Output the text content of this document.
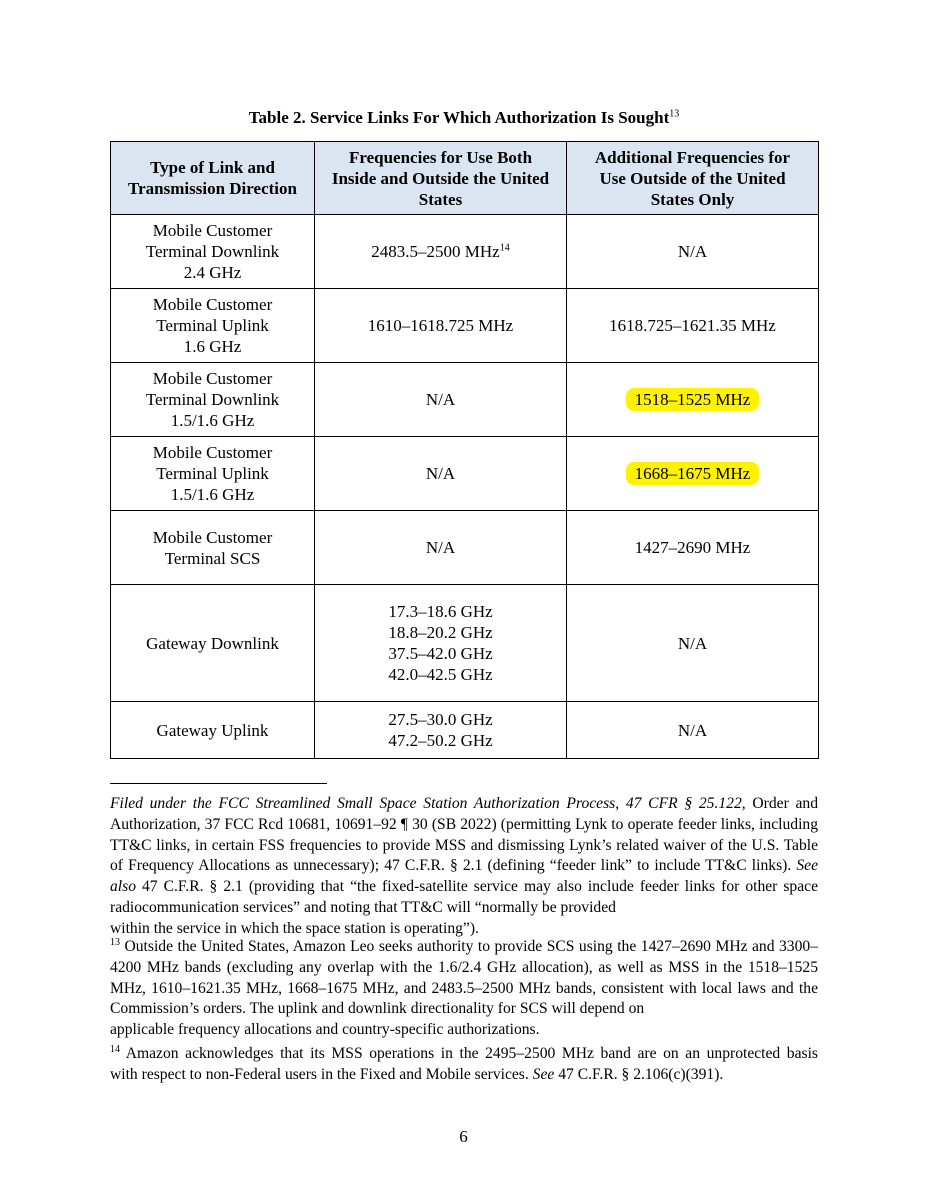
Table 2. Service Links For Which Authorization Is Sought$^{13}$
Type of Link and
Transmission Direction	Frequencies for Use Both
Inside and Outside the United
States	Additional Frequencies for
Use Outside of the United
States Only
Mobile Customer
Terminal Downlink
2.4 GHz	2483.5–2500 MHz$^{14}$	N/A
Mobile Customer
Terminal Uplink
1.6 GHz	1610–1618.725 MHz	1618.725–1621.35 MHz
Mobile Customer
Terminal Downlink
1.5/1.6 GHz	N/A	1518–1525 MHz
Mobile Customer
Terminal Uplink
1.5/1.6 GHz	N/A	1668–1675 MHz
Mobile Customer
Terminal SCS	N/A	1427–2690 MHz
Gateway Downlink	17.3–18.6 GHz
18.8–20.2 GHz
37.5–42.0 GHz
42.0–42.5 GHz	N/A
Gateway Uplink	27.5–30.0 GHz
47.2–50.2 GHz	N/A

Filed under the FCC Streamlined Small Space Station Authorization Process, 47 CFR § 25.122, Order and Authorization, 37 FCC Rcd 10681, 10691–92 ¶ 30 (SB 2022) (permitting Lynk to operate feeder links, including TT&C links, in certain FSS frequencies to provide MSS and dismissing Lynk’s related waiver of the U.S. Table of Frequency Allocations as unnecessary); 47 C.F.R. § 2.1 (defining “feeder link” to include TT&C links). See also 47 C.F.R. § 2.1 (providing that “the fixed-satellite service may also include feeder links for other space radiocommunication services” and noting that TT&C will “normally be provided
within the service in which the space station is operating”).

$^{13}$ Outside the United States, Amazon Leo seeks authority to provide SCS using the 1427–2690 MHz and 3300–4200 MHz bands (excluding any overlap with the 1.6/2.4 GHz allocation), as well as MSS in the 1518–1525 MHz, 1610–1621.35 MHz, 1668–1675 MHz, and 2483.5–2500 MHz bands, consistent with local laws and the Commission’s orders. The uplink and downlink directionality for SCS will depend on
applicable frequency allocations and country-specific authorizations.

$^{14}$ Amazon acknowledges that its MSS operations in the 2495–2500 MHz band are on an unprotected basis
with respect to non-Federal users in the Fixed and Mobile services. See 47 C.F.R. § 2.106(c)(391).

6
